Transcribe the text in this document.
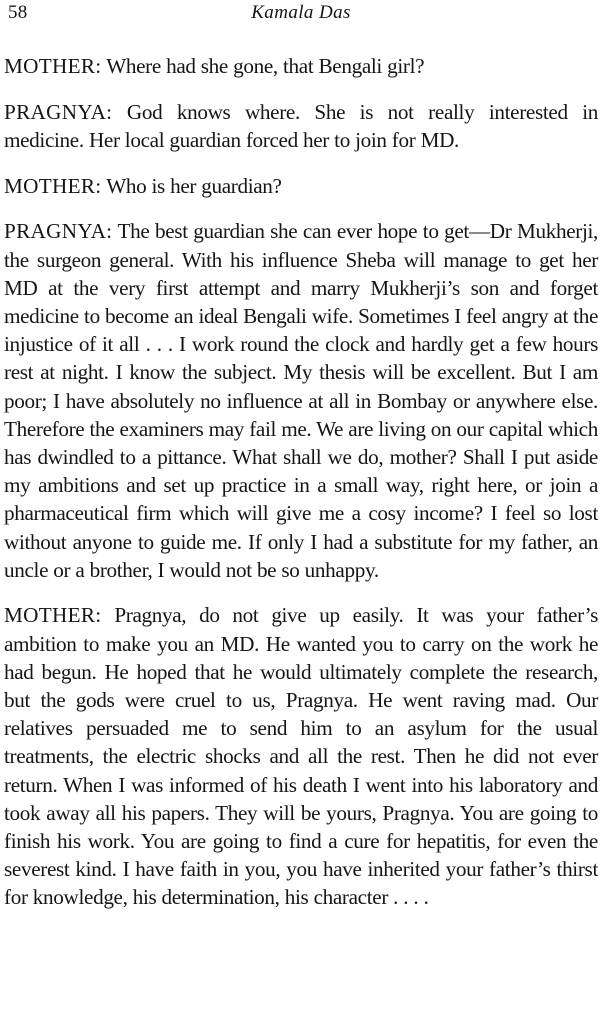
58	Kamala Das

MOTHER: Where had she gone, that Bengali girl?

PRAGNYA: God knows where. She is not really interested in medicine. Her local guardian forced her to join for MD.

MOTHER: Who is her guardian?

PRAGNYA: The best guardian she can ever hope to get—Dr Mukherji, the surgeon general. With his influence Sheba will manage to get her MD at the very first attempt and marry Mukherji’s son and forget medicine to become an ideal Bengali wife. Sometimes I feel angry at the injustice of it all . . . I work round the clock and hardly get a few hours rest at night. I know the subject. My thesis will be excellent. But I am poor; I have absolutely no influence at all in Bombay or anywhere else. Therefore the examiners may fail me. We are living on our capital which has dwindled to a pittance. What shall we do, mother? Shall I put aside my ambitions and set up practice in a small way, right here, or join a pharmaceutical firm which will give me a cosy income? I feel so lost without anyone to guide me. If only I had a substitute for my father, an uncle or a brother, I would not be so unhappy.

MOTHER: Pragnya, do not give up easily. It was your father’s ambition to make you an MD. He wanted you to carry on the work he had begun. He hoped that he would ultimately complete the research, but the gods were cruel to us, Pragnya. He went raving mad. Our relatives persuaded me to send him to an asylum for the usual treatments, the electric shocks and all the rest. Then he did not ever return. When I was informed of his death I went into his laboratory and took away all his papers. They will be yours, Pragnya. You are going to finish his work. You are going to find a cure for hepatitis, for even the severest kind. I have faith in you, you have inherited your father’s thirst for knowledge, his determination, his character . . . .
